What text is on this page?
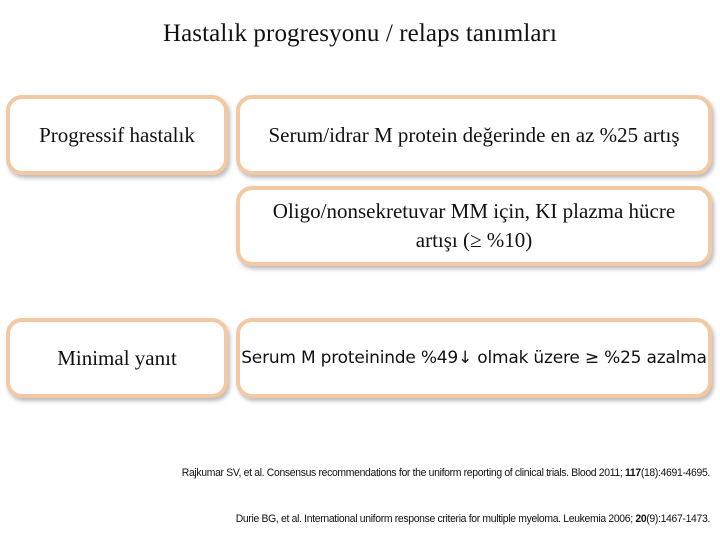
Hastalık progresyonu / relaps tanımları
Progressif hastalık	Serum/idrar M protein değerinde en az %25 artış
Oligo/nonsekretuvar MM için, KI plazma hücre artışı (≥ %10)
Minimal yanıt	Serum M proteininde %49↓ olmak üzere ≥ %25 azalma
Rajkumar SV, et al. Consensus recommendations for the uniform reporting of clinical trials. Blood 2011; 117(18):4691-4695.
Durie BG, et al. International uniform response criteria for multiple myeloma. Leukemia 2006; 20(9):1467-1473.
